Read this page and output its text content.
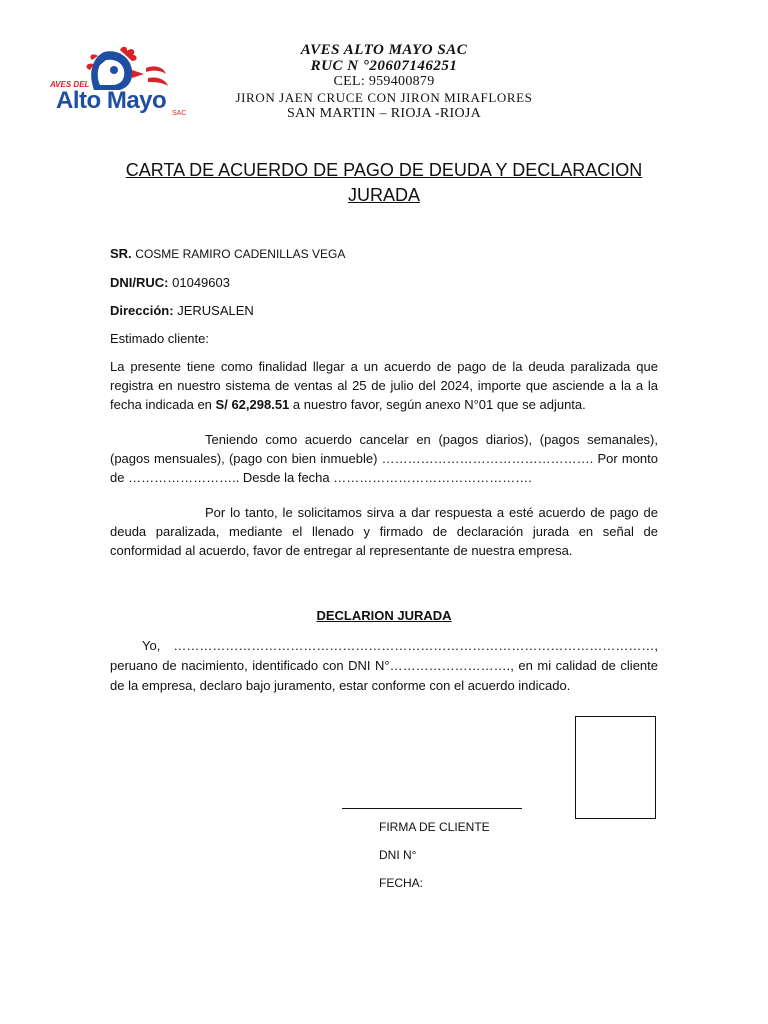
AVES DEL
Alto Mayo SAC
AVES ALTO MAYO SAC
RUC N °20607146251
CEL: 959400879
JIRON JAEN CRUCE CON JIRON MIRAFLORES
SAN MARTIN – RIOJA -RIOJA
CARTA DE ACUERDO DE PAGO DE DEUDA Y DECLARACION JURADA

SR. COSME RAMIRO CADENILLAS VEGA

DNI/RUC: 01049603

Dirección: JERUSALEN

Estimado cliente:

La presente tiene como finalidad llegar a un acuerdo de pago de la deuda paralizada que registra en nuestro sistema de ventas al 25 de julio del 2024, importe que asciende a la a la fecha indicada en S/ 62,298.51 a nuestro favor, según anexo N°01 que se adjunta.

Teniendo como acuerdo cancelar en (pagos diarios), (pagos semanales), (pagos mensuales), (pago con bien inmueble) …………………………………………. Por monto de …………………….. Desde la fecha ……………………………………….

Por lo tanto, le solicitamos sirva a dar respuesta a esté acuerdo de pago de deuda paralizada, mediante el llenado y firmado de declaración jurada en señal de conformidad al acuerdo, favor de entregar al representante de nuestra empresa.

DECLARION JURADA

Yo, …………………………………………………………………………………………………, peruano de nacimiento, identificado con DNI N°………………………., en mi calidad de cliente de la empresa, declaro bajo juramento, estar conforme con el acuerdo indicado.

FIRMA DE CLIENTE
DNI N°
FECHA:
